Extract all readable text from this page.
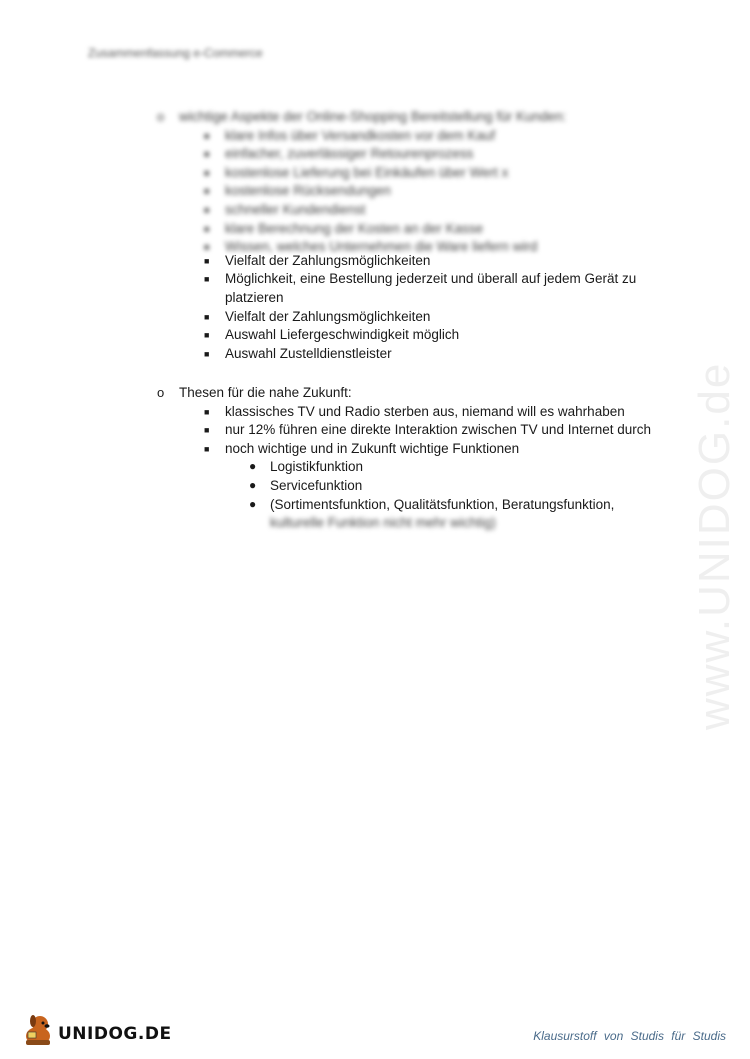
Zusammenfassung e-Commerce
www.UNIDOG.de
o wichtige Aspekte der Online-Shopping Bereitstellung für Kunden:
■ klare Infos über Versandkosten vor dem Kauf
■ einfacher, zuverlässiger Retourenprozess
■ kostenlose Lieferung bei Einkäufen über Wert x
■ kostenlose Rücksendungen
■ schneller Kundendienst
■ klare Berechnung der Kosten an der Kasse
■ Wissen, welches Unternehmen die Ware liefern wird
■ Vielfalt der Zahlungsmöglichkeiten
■ Möglichkeit, eine Bestellung jederzeit und überall auf jedem Gerät zu platzieren
■ Vielfalt der Zahlungsmöglichkeiten
■ Auswahl Liefergeschwindigkeit möglich
■ Auswahl Zustelldienstleister
o Thesen für die nahe Zukunft:
■ klassisches TV und Radio sterben aus, niemand will es wahrhaben
■ nur 12% führen eine direkte Interaktion zwischen TV und Internet durch
■ noch wichtige und in Zukunft wichtige Funktionen
● Logistikfunktion
● Servicefunktion
● (Sortimentsfunktion, Qualitätsfunktion, Beratungsfunktion,
kulturelle Funktion nicht mehr wichtig)
UNIDOG.DE	Klausurstoff von Studis für Studis
